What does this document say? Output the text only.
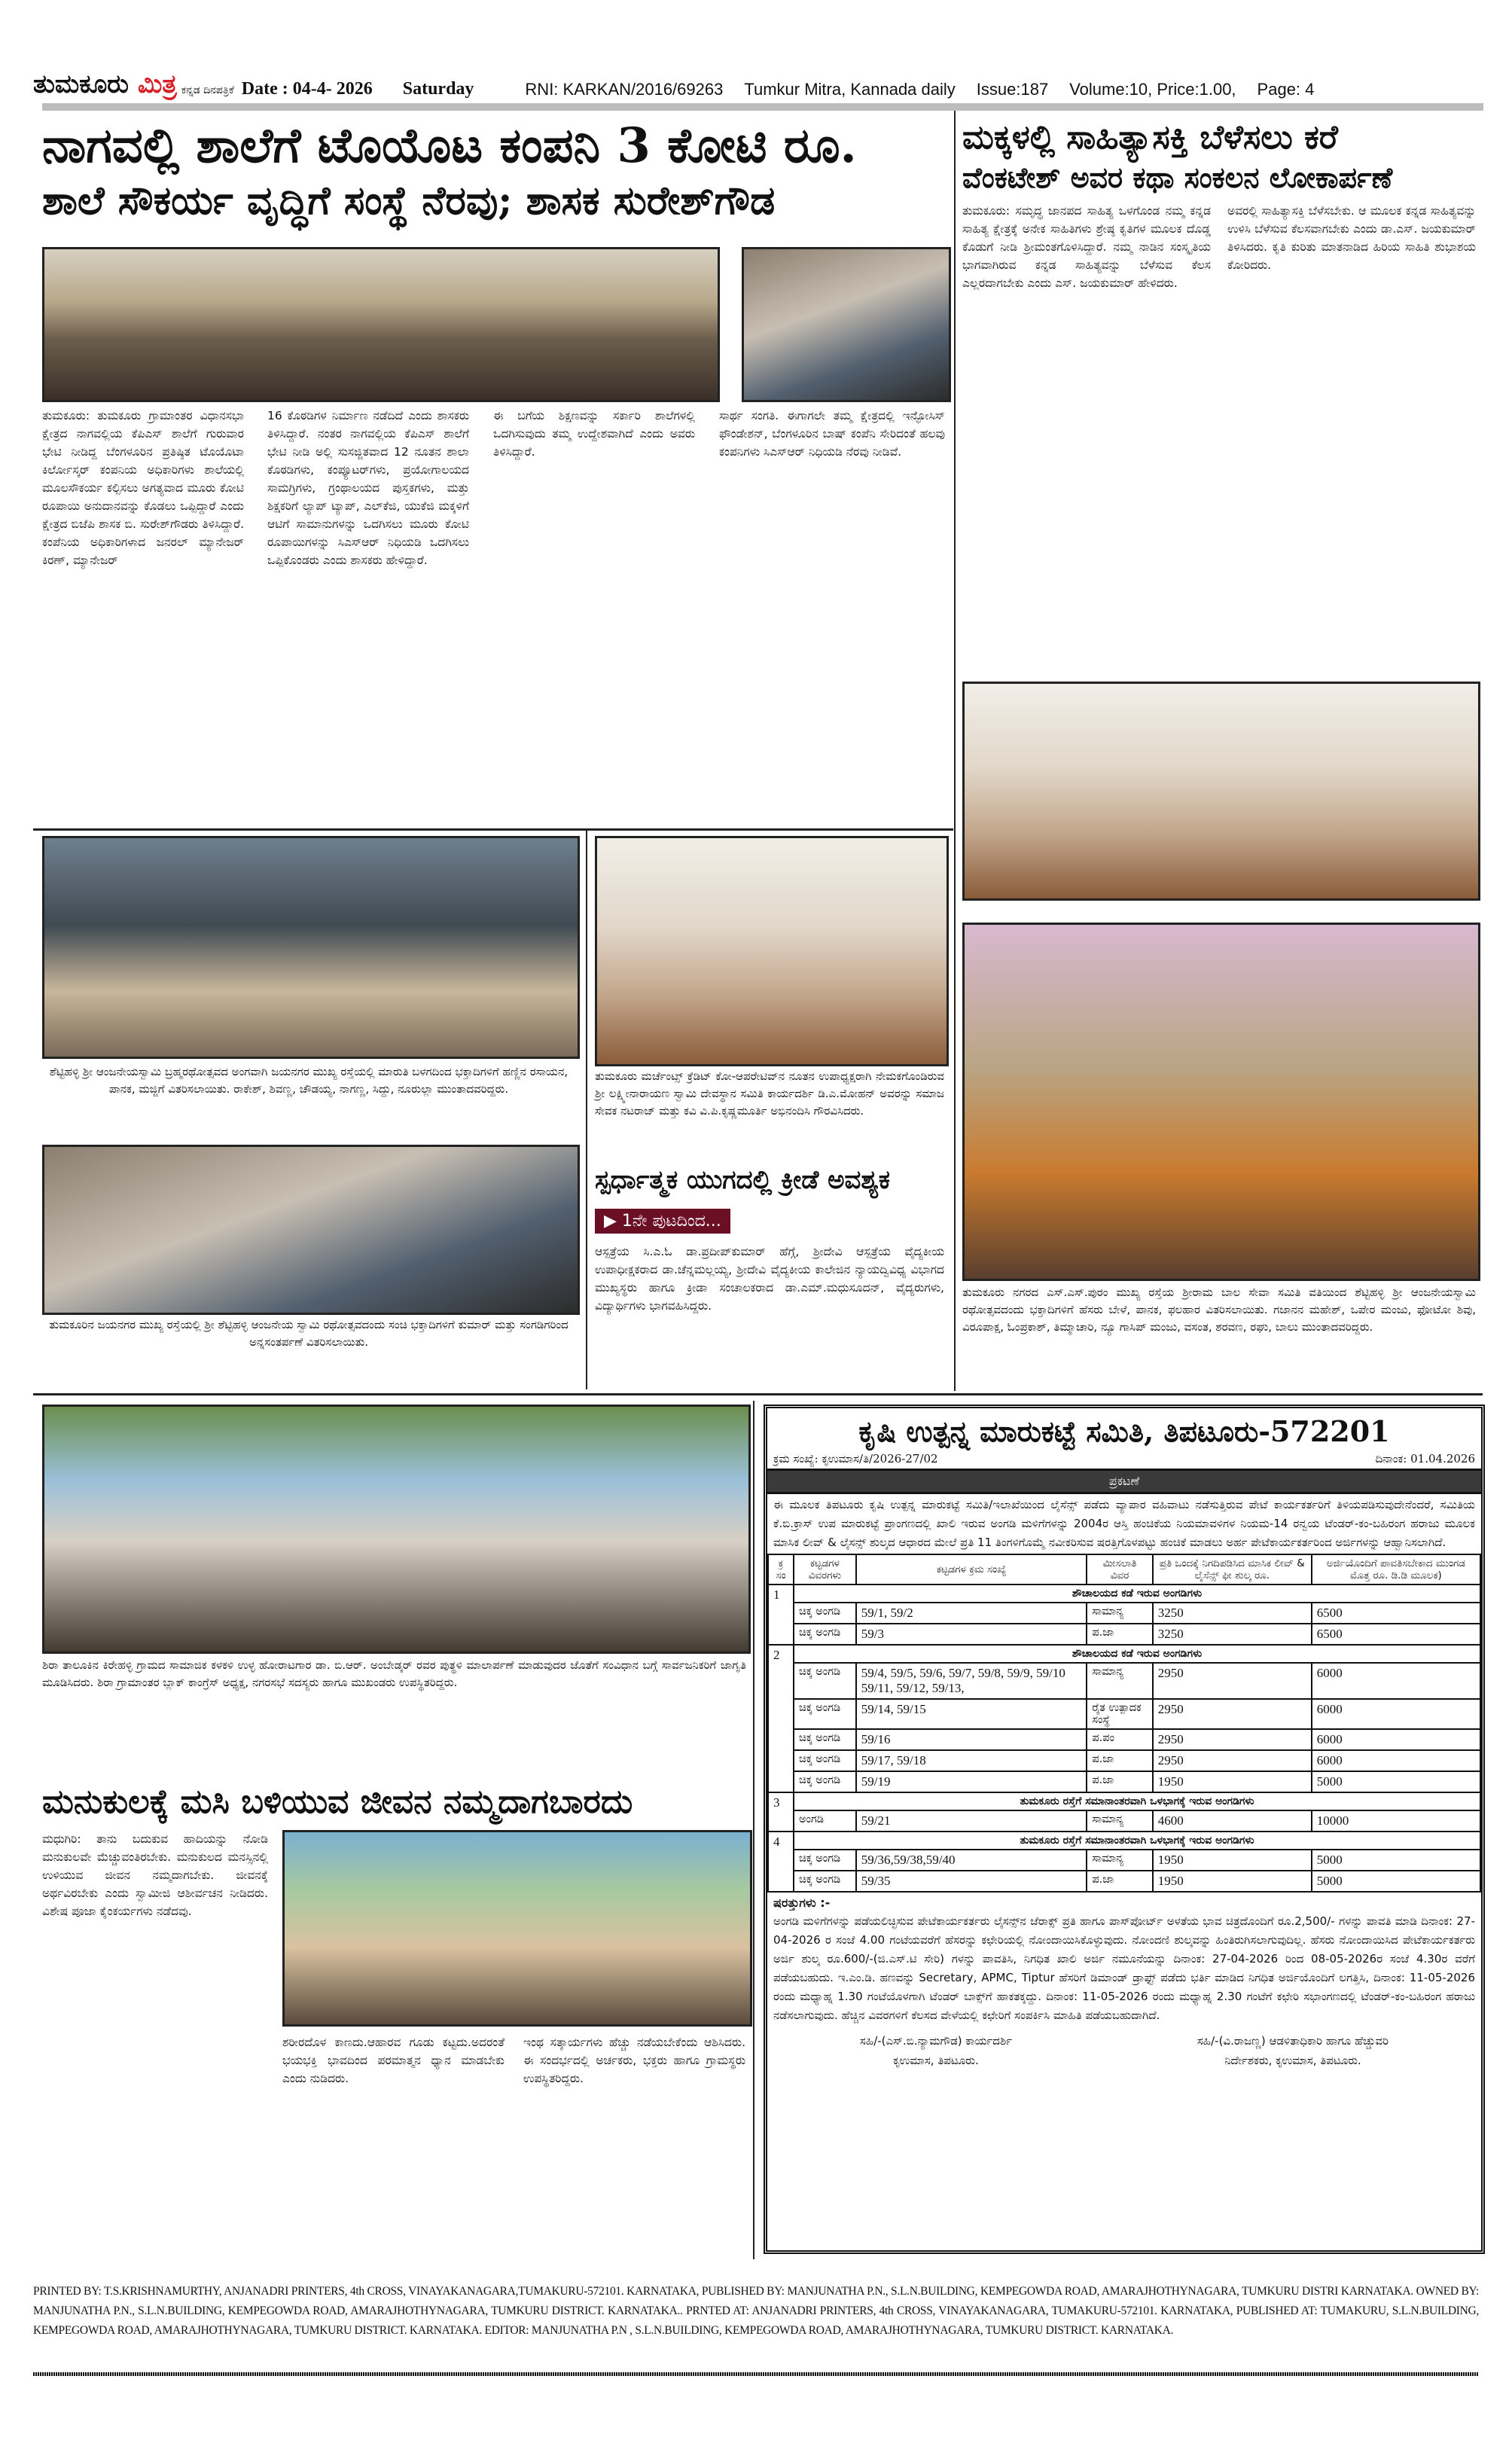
ತುಮಕೂರು ಮಿತ್ರ ಕನ್ನಡ ದಿನಪತ್ರಿಕೆ Date : 04-4- 2026 Saturday	RNI: KARKAN/2016/69263 Tumkur Mitra, Kannada daily Issue:187 Volume:10, Price:1.00, Page: 4
ನಾಗವಲ್ಲಿ ಶಾಲೆಗೆ ಟೊಯೊಟ ಕಂಪನಿ 3 ಕೋಟಿ ರೂ.
ಶಾಲೆ ಸೌಕರ್ಯ ವೃದ್ಧಿಗೆ ಸಂಸ್ಥೆ ನೆರವು; ಶಾಸಕ ಸುರೇಶ್‌ಗೌಡ
ತುಮಕೂರು: ತುಮಕೂರು ಗ್ರಾಮಾಂತರ ವಿಧಾನಸಭಾ ಕ್ಷೇತ್ರದ ನಾಗವಲ್ಲಿಯ ಕೆಪಿಎಸ್ ಶಾಲೆಗೆ ಗುರುವಾರ ಭೇಟಿ ನೀಡಿದ್ದ ಬೆಂಗಳೂರಿನ ಪ್ರತಿಷ್ಠಿತ ಟೊಯೊಟಾ ಕಿರ್ಲೋಸ್ಕರ್ ಕಂಪನಿಯ ಅಧಿಕಾರಿಗಳು ಶಾಲೆಯಲ್ಲಿ ಮೂಲಸೌಕರ್ಯ ಕಲ್ಪಿಸಲು ಅಗತ್ಯವಾದ ಮೂರು ಕೋಟಿ ರೂಪಾಯಿ ಅನುದಾನವನ್ನು ಕೊಡಲು ಒಪ್ಪಿದ್ದಾರೆ ಎಂದು ಕ್ಷೇತ್ರದ ಬಿಜೆಪಿ ಶಾಸಕ ಬಿ. ಸುರೇಶ್‌ಗೌಡರು ತಿಳಿಸಿದ್ದಾರೆ. ಕಂಪೆನಿಯ ಅಧಿಕಾರಿಗಳಾದ ಜನರಲ್ ಮ್ಯಾನೇಜರ್ ಕಿರಣ್, ಮ್ಯಾನೇಜರ್
16 ಕೊಠಡಿಗಳ ನಿರ್ಮಾಣ ನಡೆದಿದೆ ಎಂದು ಶಾಸಕರು ತಿಳಿಸಿದ್ದಾರೆ. ನಂತರ ನಾಗವಲ್ಲಿಯ ಕೆಪಿಎಸ್ ಶಾಲೆಗೆ ಭೇಟಿ ನೀಡಿ ಅಲ್ಲಿ ಸುಸಜ್ಜಿತವಾದ 12 ನೂತನ ಶಾಲಾ ಕೊಠಡಿಗಳು, ಕಂಪ್ಯೂಟರ್‌ಗಳು, ಪ್ರಯೋಗಾಲಯದ ಸಾಮಗ್ರಿಗಳು, ಗ್ರಂಥಾಲಯದ ಪುಸ್ತಕಗಳು, ಮತ್ತು ಶಿಕ್ಷಕರಿಗೆ ಲ್ಯಾಪ್ ಟ್ಯಾಪ್, ಎಲ್‌ಕೆಜಿ, ಯುಕೆಜಿ ಮಕ್ಕಳಿಗೆ ಆಟಿಗೆ ಸಾಮಾನುಗಳನ್ನು ಒದಗಿಸಲು ಮೂರು ಕೋಟಿ ರೂಪಾಯಿಗಳನ್ನು ಸಿಎಸ್‌ಆರ್ ನಿಧಿಯಡಿ ಒದಗಿಸಲು ಒಪ್ಪಿಕೊಂಡರು ಎಂದು ಶಾಸಕರು ಹೇಳಿದ್ದಾರೆ.
ಈ ಬಗೆಯ ಶಿಕ್ಷಣವನ್ನು ಸರ್ಕಾರಿ ಶಾಲೆಗಳಲ್ಲಿ ಒದಗಿಸುವುದು ತಮ್ಮ ಉದ್ದೇಶವಾಗಿದೆ ಎಂದು ಅವರು ತಿಳಿಸಿದ್ದಾರೆ.
ಸಾರ್ಥ ಸಂಗತಿ. ಈಗಾಗಲೇ ತಮ್ಮ ಕ್ಷೇತ್ರದಲ್ಲಿ ಇನ್ಫೋಸಿಸ್ ಫೌಂಡೇಶನ್, ಬೆಂಗಳೂರಿನ ಬಾಷ್ ಕಂಪೆನಿ ಸೇರಿದಂತೆ ಹಲವು ಕಂಪನಿಗಳು ಸಿಎಸ್‌ಆರ್ ನಿಧಿಯಡಿ ನೆರವು ನೀಡಿವೆ.
ಮಕ್ಕಳಲ್ಲಿ ಸಾಹಿತ್ಯಾಸಕ್ತಿ ಬೆಳೆಸಲು ಕರೆ
ವೆಂಕಟೇಶ್ ಅವರ ಕಥಾ ಸಂಕಲನ ಲೋಕಾರ್ಪಣೆ
ತುಮಕೂರು: ಸಮೃದ್ಧ ಜಾನಪದ ಸಾಹಿತ್ಯ ಒಳಗೊಂಡ ನಮ್ಮ ಕನ್ನಡ ಸಾಹಿತ್ಯ ಕ್ಷೇತ್ರಕ್ಕೆ ಅನೇಕ ಸಾಹಿತಿಗಳು ಶ್ರೇಷ್ಠ ಕೃತಿಗಳ ಮೂಲಕ ದೊಡ್ಡ ಕೊಡುಗೆ ನೀಡಿ ಶ್ರೀಮಂತಗೊಳಿಸಿದ್ದಾರೆ. ನಮ್ಮ ನಾಡಿನ ಸಂಸ್ಕೃತಿಯ ಭಾಗವಾಗಿರುವ ಕನ್ನಡ ಸಾಹಿತ್ಯವನ್ನು ಬೆಳೆಸುವ ಕೆಲಸ ಎಲ್ಲರದಾಗಬೇಕು ಎಂದು ಎಸ್. ಜಯಕುಮಾರ್ ಹೇಳಿದರು.
ಅವರಲ್ಲಿ ಸಾಹಿತ್ಯಾಸಕ್ತಿ ಬೆಳೆಸಬೇಕು. ಆ ಮೂಲಕ ಕನ್ನಡ ಸಾಹಿತ್ಯವನ್ನು ಉಳಿಸಿ ಬೆಳೆಸುವ ಕೆಲಸವಾಗಬೇಕು ಎಂದು ಡಾ.ಎಸ್. ಜಯಕುಮಾರ್ ತಿಳಿಸಿದರು. ಕೃತಿ ಕುರಿತು ಮಾತನಾಡಿದ ಹಿರಿಯ ಸಾಹಿತಿ ಶುಭಾಶಯ ಕೋರಿದರು.
ಶೆಟ್ಟಿಹಳ್ಳಿ ಶ್ರೀ ಆಂಜನೇಯಸ್ವಾಮಿ ಬ್ರಹ್ಮರಥೋತ್ಸವದ ಅಂಗವಾಗಿ ಜಯನಗರ ಮುಖ್ಯ ರಸ್ತೆಯಲ್ಲಿ ಮಾರುತಿ ಬಳಗದಿಂದ ಭಕ್ತಾದಿಗಳಿಗೆ ಹಣ್ಣಿನ ರಸಾಯನ, ಪಾನಕ, ಮಜ್ಜಿಗೆ ವಿತರಿಸಲಾಯಿತು. ರಾಕೇಶ್, ಶಿವಣ್ಣ, ಚೌಡಯ್ಯ, ನಾಗಣ್ಣ, ಸಿದ್ದು, ನೂರುಲ್ಲಾ ಮುಂತಾದವರಿದ್ದರು.
ತುಮಕೂರಿನ ಜಯನಗರ ಮುಖ್ಯ ರಸ್ತೆಯಲ್ಲಿ ಶ್ರೀ ಶೆಟ್ಟಿಹಳ್ಳಿ ಆಂಜನೇಯ ಸ್ವಾಮಿ ರಥೋತ್ಸವದಂದು ಸಂಚಿ ಭಕ್ತಾದಿಗಳಿಗೆ ಕುಮಾರ್ ಮತ್ತು ಸಂಗಡಿಗರಿಂದ ಅನ್ನಸಂತರ್ಪಣೆ ವಿತರಿಸಲಾಯಿತು.
ತುಮಕೂರು ಮರ್ಚೆಂಟ್ಸ್ ಕ್ರೆಡಿಟ್ ಕೋ-ಆಪರೇಟಿವ್‌ನ ನೂತನ ಉಪಾಧ್ಯಕ್ಷರಾಗಿ ನೇಮಕಗೊಂಡಿರುವ ಶ್ರೀ ಲಕ್ಷ್ಮೀನಾರಾಯಣ ಸ್ವಾಮಿ ದೇವಸ್ಥಾನ ಸಮಿತಿ ಕಾರ್ಯದರ್ಶಿ ಡಿ.ಎ.ಮೋಹನ್ ಅವರನ್ನು ಸಮಾಜ ಸೇವಕ ನಟರಾಜ್ ಮತ್ತು ಕವಿ ವಿ.ಪಿ.ಕೃಷ್ಣಮೂರ್ತಿ ಅಭಿನಂದಿಸಿ ಗೌರವಿಸಿದರು.
ಸ್ಪರ್ಧಾತ್ಮಕ ಯುಗದಲ್ಲಿ ಕ್ರೀಡೆ ಅವಶ್ಯಕ
▶ 1ನೇ ಪುಟದಿಂದ...
ಆಸ್ಪತ್ರೆಯ ಸಿ.ಎ.ಓ ಡಾ.ಪ್ರದೀಪ್‌ಕುಮಾರ್ ಹೆಗ್ಗೆ, ಶ್ರೀದೇವಿ ಆಸ್ಪತ್ರೆಯ ವೈದ್ಯಕೀಯ ಉಪಾಧೀಕ್ಷಕರಾದ ಡಾ.ಚೆನ್ನಮಲ್ಲಯ್ಯ, ಶ್ರೀದೇವಿ ವೈದ್ಯಕೀಯ ಕಾಲೇಜಿನ ನ್ಯಾಯದ್ವಿವಿಧ್ಯ ವಿಭಾಗದ ಮುಖ್ಯಸ್ಥರು ಹಾಗೂ ಕ್ರೀಡಾ ಸಂಚಾಲಕರಾದ ಡಾ.ಎಮ್.ಮಧುಸೂದನ್, ವೈದ್ಯರುಗಳು, ವಿದ್ಯಾರ್ಥಿಗಳು ಭಾಗವಹಿಸಿದ್ದರು.
ತುಮಕೂರು ನಗರದ ಎಸ್.ಎಸ್.ಪುರಂ ಮುಖ್ಯ ರಸ್ತೆಯ ಶ್ರೀರಾಮ ಬಾಲ ಸೇವಾ ಸಮಿತಿ ವತಿಯಿಂದ ಶೆಟ್ಟಿಹಳ್ಳಿ ಶ್ರೀ ಆಂಜನೇಯಸ್ವಾಮಿ ರಥೋತ್ಸವದಂದು ಭಕ್ತಾದಿಗಳಿಗೆ ಹೆಸರು ಬೇಳೆ, ಪಾನಕ, ಫಲಹಾರ ವಿತರಿಸಲಾಯಿತು. ಗಜಾನನ ಮಹೇಶ್, ಒಪೇರ ಮಂಜು, ಫೋಟೋ ಶಿವು, ವಿರೂಪಾಕ್ಷ, ಓಂಪ್ರಕಾಶ್, ತಿಮ್ಮಾಚಾರಿ, ನ್ಯೂ ಗಾಸಿಪ್ ಮಂಜು, ವಸಂತ, ಶರವಣ, ರಘು, ಬಾಲು ಮುಂತಾದವರಿದ್ದರು.
ಶಿರಾ ತಾಲೂಕಿನ ಕಿರೇಹಳ್ಳಿ ಗ್ರಾಮದ ಸಾಮಾಜಿಕ ಕಳಕಳಿ ಉಳ್ಳ ಹೋರಾಟಗಾರ ಡಾ. ಬಿ.ಆರ್. ಅಂಬೇಡ್ಕರ್ ರವರ ಪುತ್ಥಳಿ ಮಾಲಾರ್ಪಣೆ ಮಾಡುವುದರ ಜೊತೆಗೆ ಸಂವಿಧಾನ ಬಗ್ಗೆ ಸಾರ್ವಜನಿಕರಿಗೆ ಜಾಗೃತಿ ಮೂಡಿಸಿದರು. ಶಿರಾ ಗ್ರಾಮಾಂತರ ಬ್ಲಾಕ್ ಕಾಂಗ್ರೆಸ್ ಅಧ್ಯಕ್ಷ, ನಗರಸಭೆ ಸದಸ್ಯರು ಹಾಗೂ ಮುಖಂಡರು ಉಪಸ್ಥಿತರಿದ್ದರು.
ಮನುಕುಲಕ್ಕೆ ಮಸಿ ಬಳಿಯುವ ಜೀವನ ನಮ್ಮದಾಗಬಾರದು
ಮಧುಗಿರಿ: ತಾನು ಬದುಕುವ ಹಾದಿಯನ್ನು ನೋಡಿ ಮನುಕುಲವೇ ಮೆಚ್ಚುವಂತಿರಬೇಕು. ಮನುಕುಲದ ಮನಸ್ಸಿನಲ್ಲಿ ಉಳಿಯುವ ಜೀವನ ನಮ್ಮದಾಗಬೇಕು. ಜೀವನಕ್ಕೆ ಅರ್ಥವಿರಬೇಕು ಎಂದು ಸ್ವಾಮೀಜಿ ಆಶೀರ್ವಚನ ನೀಡಿದರು. ವಿಶೇಷ ಪೂಜಾ ಕೈಂಕರ್ಯಗಳು ನಡೆದವು.
ಶರೀರದೊಳ ಕಾಣದು.ಆಹಾರವ ಗೂಡು ಕಟ್ಟದು.ಅದರಂತೆ ಭಯಭಕ್ತಿ ಭಾವದಿಂದ ಪರಮಾತ್ಮನ ಧ್ಯಾನ ಮಾಡಬೇಕು ಎಂದು ನುಡಿದರು.
ಇಂಥ ಸತ್ಕಾರ್ಯಗಳು ಹೆಚ್ಚು ನಡೆಯಬೇಕೆಂದು ಆಶಿಸಿದರು. ಈ ಸಂದರ್ಭದಲ್ಲಿ ಅರ್ಚಕರು, ಭಕ್ತರು ಹಾಗೂ ಗ್ರಾಮಸ್ಥರು ಉಪಸ್ಥಿತರಿದ್ದರು.
ಕೃಷಿ ಉತ್ಪನ್ನ ಮಾರುಕಟ್ಟೆ ಸಮಿತಿ, ತಿಪಟೂರು-572201
ಕ್ರಮ ಸಂಖ್ಯೆ: ಕೃಉಮಾಸ/ತಿ/2026-27/02	ದಿನಾಂಕ: 01.04.2026
ಪ್ರಕಟಣೆ
ಈ ಮೂಲಕ ತಿಪಟೂರು ಕೃಷಿ ಉತ್ಪನ್ನ ಮಾರುಕಟ್ಟೆ ಸಮಿತಿ/ಇಲಾಖೆಯಿಂದ ಲೈಸೆನ್ಸ್ ಪಡೆದು ವ್ಯಾಪಾರ ವಹಿವಾಟು ನಡೆಸುತ್ತಿರುವ ಪೇಟೆ ಕಾರ್ಯಕರ್ತರಿಗೆ ತಿಳಿಯಪಡಿಸುವುದೇನೆಂದರೆ, ಸಮಿತಿಯ ಕೆ.ಬಿ.ಕ್ರಾಸ್ ಉಪ ಮಾರುಕಟ್ಟೆ ಪ್ರಾಂಗಣದಲ್ಲಿ ಖಾಲಿ ಇರುವ ಅಂಗಡಿ ಮಳಿಗೆಗಳನ್ನು 2004ರ ಆಸ್ತಿ ಹಂಚಿಕೆಯ ನಿಯಮಾವಳಿಗಳ ನಿಯಮ-14 ರನ್ವಯ ಟೆಂಡರ್-ಕಂ-ಬಹಿರಂಗ ಹರಾಜು ಮೂಲಕ ಮಾಸಿಕ ಲೀವ್ & ಲೈಸನ್ಸ್ ಶುಲ್ಕದ ಆಧಾರದ ಮೇಲೆ ಪ್ರತಿ 11 ತಿಂಗಳಿಗೊಮ್ಮೆ ನವೀಕರಿಸುವ ಷರತ್ತಿಗೊಳಪಟ್ಟು ಹಂಚಿಕೆ ಮಾಡಲು ಅರ್ಹ ಪೇಟೆಕಾರ್ಯಕರ್ತರಿಂದ ಅರ್ಜಿಗಳನ್ನು ಆಹ್ವಾನಿಸಲಾಗಿದೆ.
ಕ್ರ ಸಂ	ಕಟ್ಟಡಗಳ ವಿವರಗಳು	ಕಟ್ಟಡಗಳ ಕ್ರಮ ಸಂಖ್ಯೆ	ಮೀಸಲಾತಿ ವಿವರ	ಪ್ರತಿ ಒಂದಕ್ಕೆ ನಿಗದಿಪಡಿಸಿದ ಮಾಸಿಕ ಲೀವ್ & ಲೈಸೆನ್ಸ್ ಫೀ ಶುಲ್ಕ ರೂ.	ಅರ್ಜಿಯೊಂದಿಗೆ ಪಾವತಿಸಬೇಕಾದ ಮುಂಗಡ ಮೊತ್ತ ರೂ. ಡಿ.ಡಿ ಮೂಲಕ)
1	ಶೌಚಾಲಯದ ಕಡೆ ಇರುವ ಅಂಗಡಿಗಳು				
	ಚಿಕ್ಕ ಅಂಗಡಿ	59/1, 59/2	ಸಾಮಾನ್ಯ	3250	6500
	ಚಿಕ್ಕ ಅಂಗಡಿ	59/3	ಪ.ಜಾ	3250	6500
2	ಶೌಚಾಲಯದ ಕಡೆ ಇರುವ ಅಂಗಡಿಗಳು				
	ಚಿಕ್ಕ ಅಂಗಡಿ	59/4, 59/5, 59/6, 59/7, 59/8, 59/9, 59/10 59/11, 59/12, 59/13,	ಸಾಮಾನ್ಯ	2950	6000
	ಚಿಕ್ಕ ಅಂಗಡಿ	59/14, 59/15	ರೈತ ಉತ್ಪಾದಕ ಸಂಸ್ಥೆ	2950	6000
	ಚಿಕ್ಕ ಅಂಗಡಿ	59/16	ಪ.ಪಂ	2950	6000
	ಚಿಕ್ಕ ಅಂಗಡಿ	59/17, 59/18	ಪ.ಜಾ	2950	6000
	ಚಿಕ್ಕ ಅಂಗಡಿ	59/19	ಪ.ಜಾ	1950	5000
3	ತುಮಕೂರು ರಸ್ತೆಗೆ ಸಮಾನಾಂತರವಾಗಿ ಒಳಭಾಗಕ್ಕೆ ಇರುವ ಅಂಗಡಿಗಳು				
	ಅಂಗಡಿ	59/21	ಸಾಮಾನ್ಯ	4600	10000
4	ತುಮಕೂರು ರಸ್ತೆಗೆ ಸಮಾನಾಂತರವಾಗಿ ಒಳಭಾಗಕ್ಕೆ ಇರುವ ಅಂಗಡಿಗಳು				
	ಚಿಕ್ಕ ಅಂಗಡಿ	59/36,59/38,59/40	ಸಾಮಾನ್ಯ	1950	5000
	ಚಿಕ್ಕ ಅಂಗಡಿ	59/35	ಪ.ಜಾ	1950	5000
ಷರತ್ತುಗಳು :-
ಅಂಗಡಿ ಮಳಿಗೆಗಳನ್ನು ಪಡೆಯಲಿಚ್ಛಿಸುವ ಪೇಟೆಕಾರ್ಯಕರ್ತರು ಲೈಸನ್ಸ್‌ನ ಜೆರಾಕ್ಸ್ ಪ್ರತಿ ಹಾಗೂ ಪಾಸ್‌ಪೋರ್ಟ್ ಅಳತೆಯ ಭಾವ ಚಿತ್ರದೊಂದಿಗೆ ರೂ.2,500/- ಗಳನ್ನು ಪಾವತಿ ಮಾಡಿ ದಿನಾಂಕ: 27-04-2026 ರ ಸಂಜೆ 4.00 ಗಂಟೆಯವರೆಗೆ ಹೆಸರನ್ನು ಕಛೇರಿಯಲ್ಲಿ ನೋಂದಾಯಿಸಿಕೊಳ್ಳುವುದು. ನೋಂದಣಿ ಶುಲ್ಕವನ್ನು ಹಿಂತಿರುಗಿಸಲಾಗುವುದಿಲ್ಲ. ಹೆಸರು ನೋಂದಾಯಿಸಿದ ಪೇಟೆಕಾರ್ಯಕರ್ತರು ಅರ್ಜಿ ಶುಲ್ಕ ರೂ.600/-(ಜಿ.ಎಸ್.ಟಿ ಸೇರಿ) ಗಳನ್ನು ಪಾವತಿಸಿ, ನಿಗಧಿತ ಖಾಲಿ ಅರ್ಜಿ ನಮೂನೆಯನ್ನು ದಿನಾಂಕ: 27-04-2026 ರಿಂದ 08-05-2026ರ ಸಂಜೆ 4.30ರ ವರೆಗೆ ಪಡೆಯಬಹುದು. ಇ.ಎಂ.ಡಿ. ಹಣವನ್ನು Secretary, APMC, Tiptur ಹೆಸರಿಗೆ ಡಿಮಾಂಡ್ ಡ್ರಾಫ್ಟ್ ಪಡೆದು ಭರ್ತಿ ಮಾಡಿದ ನಿಗಧಿತ ಅರ್ಜಿಯೊಂದಿಗೆ ಲಗತ್ತಿಸಿ, ದಿನಾಂಕ: 11-05-2026 ರಂದು ಮಧ್ಯಾಹ್ನ 1.30 ಗಂಟೆಯೊಳಗಾಗಿ ಟೆಂಡರ್ ಬಾಕ್ಸ್‌ಗೆ ಹಾಕತಕ್ಕದ್ದು. ದಿನಾಂಕ: 11-05-2026 ರಂದು ಮಧ್ಯಾಹ್ನ 2.30 ಗಂಟೆಗೆ ಕಛೇರಿ ಸಭಾಂಗಣದಲ್ಲಿ ಟೆಂಡರ್-ಕಂ-ಬಹಿರಂಗ ಹರಾಜು ನಡೆಸಲಾಗುವುದು. ಹೆಚ್ಚಿನ ವಿವರಗಳಿಗೆ ಕೆಲಸದ ವೇಳೆಯಲ್ಲಿ ಕಛೇರಿಗೆ ಸಂಪರ್ಕಿಸಿ ಮಾಹಿತಿ ಪಡೆಯಬಹುದಾಗಿದೆ.
ಸಹಿ/-(ಎಸ್.ಬಿ.ನ್ಯಾಮಗೌಡ) ಕಾರ್ಯದರ್ಶಿ
ಕೃಉಮಾಸ, ತಿಪಟೂರು.
ಸಹಿ/-(ವಿ.ರಾಜಣ್ಣ) ಆಡಳಿತಾಧಿಕಾರಿ ಹಾಗೂ ಹೆಚ್ಚುವರಿ
ನಿರ್ದೇಶಕರು, ಕೃಉಮಾಸ, ತಿಪಟೂರು.
PRINTED BY: T.S.KRISHNAMURTHY, ANJANADRI PRINTERS, 4th CROSS, VINAYAKANAGARA,TUMAKURU-572101. KARNATAKA, PUBLISHED BY: MANJUNATHA P.N., S.L.N.BUILDING, KEMPEGOWDA ROAD, AMARAJHOTHYNAGARA, TUMKURU DISTRI KARNATAKA. OWNED BY: MANJUNATHA P.N., S.L.N.BUILDING, KEMPEGOWDA ROAD, AMARAJHOTHYNAGARA, TUMKURU DISTRICT. KARNATAKA.. PRNTED AT: ANJANADRI PRINTERS, 4th CROSS, VINAYAKANAGARA, TUMAKURU-572101. KARNATAKA, PUBLISHED AT: TUMAKURU, S.L.N.BUILDING, KEMPEGOWDA ROAD, AMARAJHOTHYNAGARA, TUMKURU DISTRICT. KARNATAKA. EDITOR: MANJUNATHA P.N , S.L.N.BUILDING, KEMPEGOWDA ROAD, AMARAJHOTHYNAGARA, TUMKURU DISTRICT. KARNATAKA.
